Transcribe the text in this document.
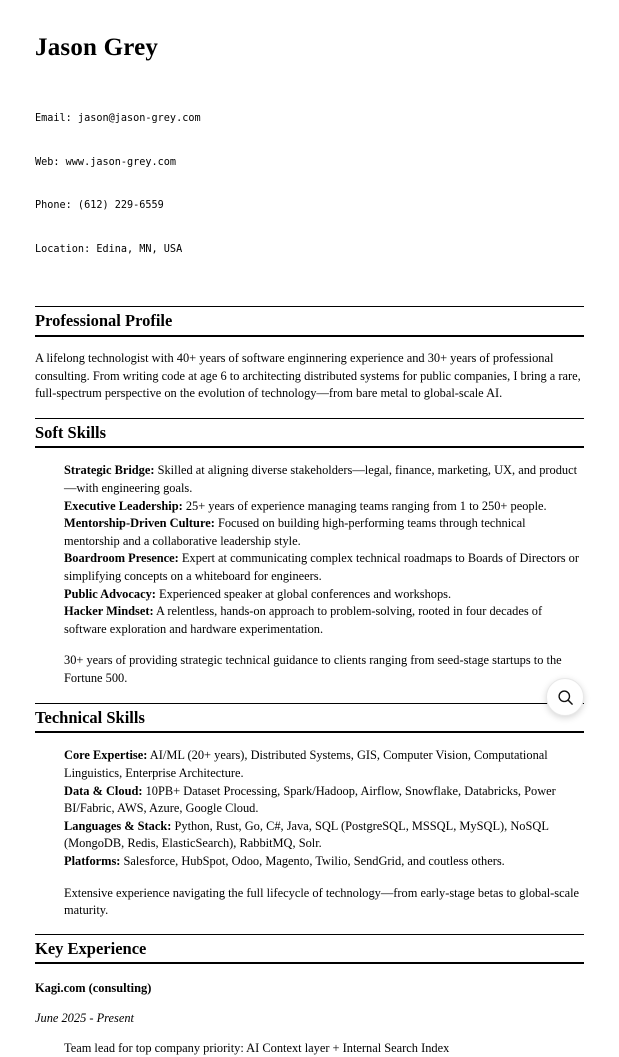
Jason Grey

Email: jason@jason-grey.com

Web: www.jason-grey.com

Phone: (612) 229-6559

Location: Edina, MN, USA

Professional Profile

A lifelong technologist with 40+ years of software enginnering experience and 30+ years of professional consulting. From writing code at age 6 to architecting distributed systems for public companies, I bring a rare, full-spectrum perspective on the evolution of technology—from bare metal to global-scale AI.

Soft Skills

Strategic Bridge: Skilled at aligning diverse stakeholders—legal, finance, marketing, UX, and product—with engineering goals.

Executive Leadership: 25+ years of experience managing teams ranging from 1 to 250+ people.

Mentorship-Driven Culture: Focused on building high-performing teams through technical mentorship and a collaborative leadership style.

Boardroom Presence: Expert at communicating complex technical roadmaps to Boards of Directors or simplifying concepts on a whiteboard for engineers.

Public Advocacy: Experienced speaker at global conferences and workshops.

Hacker Mindset: A relentless, hands-on approach to problem-solving, rooted in four decades of software exploration and hardware experimentation.

30+ years of providing strategic technical guidance to clients ranging from seed-stage startups to the Fortune 500.

Technical Skills

Core Expertise: AI/ML (20+ years), Distributed Systems, GIS, Computer Vision, Computational Linguistics, Enterprise Architecture.

Data & Cloud: 10PB+ Dataset Processing, Spark/Hadoop, Airflow, Snowflake, Databricks, Power BI/Fabric, AWS, Azure, Google Cloud.

Languages & Stack: Python, Rust, Go, C#, Java, SQL (PostgreSQL, MSSQL, MySQL), NoSQL (MongoDB, Redis, ElasticSearch), RabbitMQ, Solr.

Platforms: Salesforce, HubSpot, Odoo, Magento, Twilio, SendGrid, and coutless others.

Extensive experience navigating the full lifecycle of technology—from early-stage betas to global-scale maturity.

Key Experience

Kagi.com (consulting)

June 2025 - Present

Team lead for top company priority: AI Context layer + Internal Search Index
